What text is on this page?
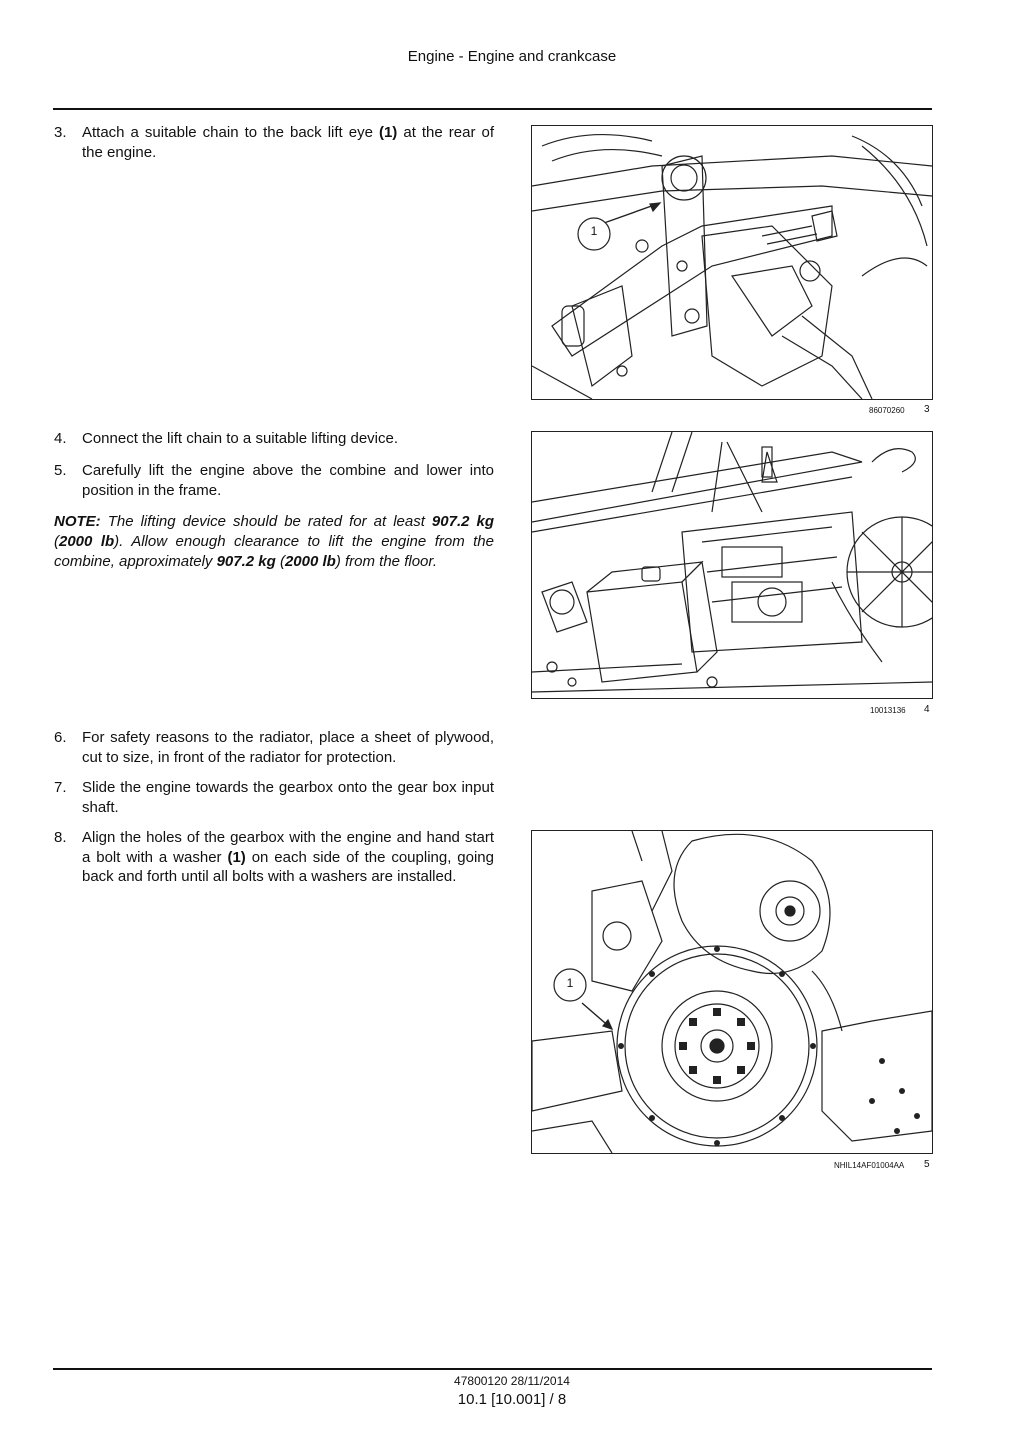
Engine - Engine and crankcase
3.	Attach a suitable chain to the back lift eye (1) at the rear of the engine.
1
86070260 3
4.	Connect the lift chain to a suitable lifting device.
5.	Carefully lift the engine above the combine and lower into position in the frame.
NOTE: The lifting device should be rated for at least 907.2 kg (2000 lb). Allow enough clearance to lift the engine from the combine, approximately 907.2 kg (2000 lb) from the floor.
10013136 4
6.	For safety reasons to the radiator, place a sheet of plywood, cut to size, in front of the radiator for protection.
7.	Slide the engine towards the gearbox onto the gear box input shaft.
8.	Align the holes of the gearbox with the engine and hand start a bolt with a washer (1) on each side of the coupling, going back and forth until all bolts with a washers are installed.
1
NHIL14AF01004AA 5
47800120 28/11/2014
10.1 [10.001] / 8
